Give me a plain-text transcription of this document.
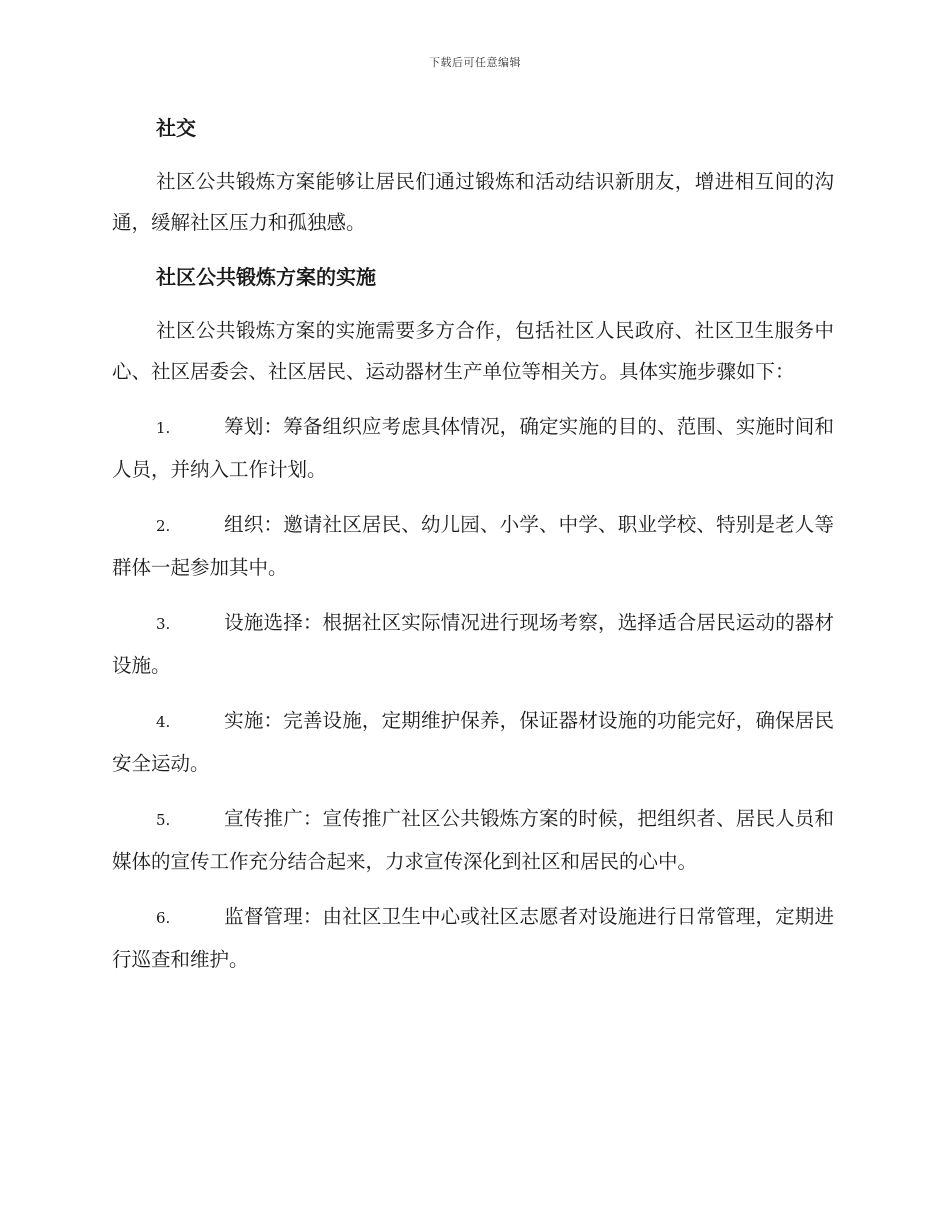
下载后可任意编辑
社交

社区公共锻炼方案能够让居民们通过锻炼和活动结识新朋友，增进相互间的沟通，缓解社区压力和孤独感。

社区公共锻炼方案的实施

社区公共锻炼方案的实施需要多方合作，包括社区人民政府、社区卫生服务中心、社区居委会、社区居民、运动器材生产单位等相关方。具体实施步骤如下：

1.	筹划：筹备组织应考虑具体情况，确定实施的目的、范围、实施时间和人员，并纳入工作计划。

2.	组织：邀请社区居民、幼儿园、小学、中学、职业学校、特别是老人等群体一起参加其中。

3.	设施选择：根据社区实际情况进行现场考察，选择适合居民运动的器材设施。

4.	实施：完善设施，定期维护保养，保证器材设施的功能完好，确保居民安全运动。

5.	宣传推广：宣传推广社区公共锻炼方案的时候，把组织者、居民人员和媒体的宣传工作充分结合起来，力求宣传深化到社区和居民的心中。

6.	监督管理：由社区卫生中心或社区志愿者对设施进行日常管理，定期进行巡查和维护。
